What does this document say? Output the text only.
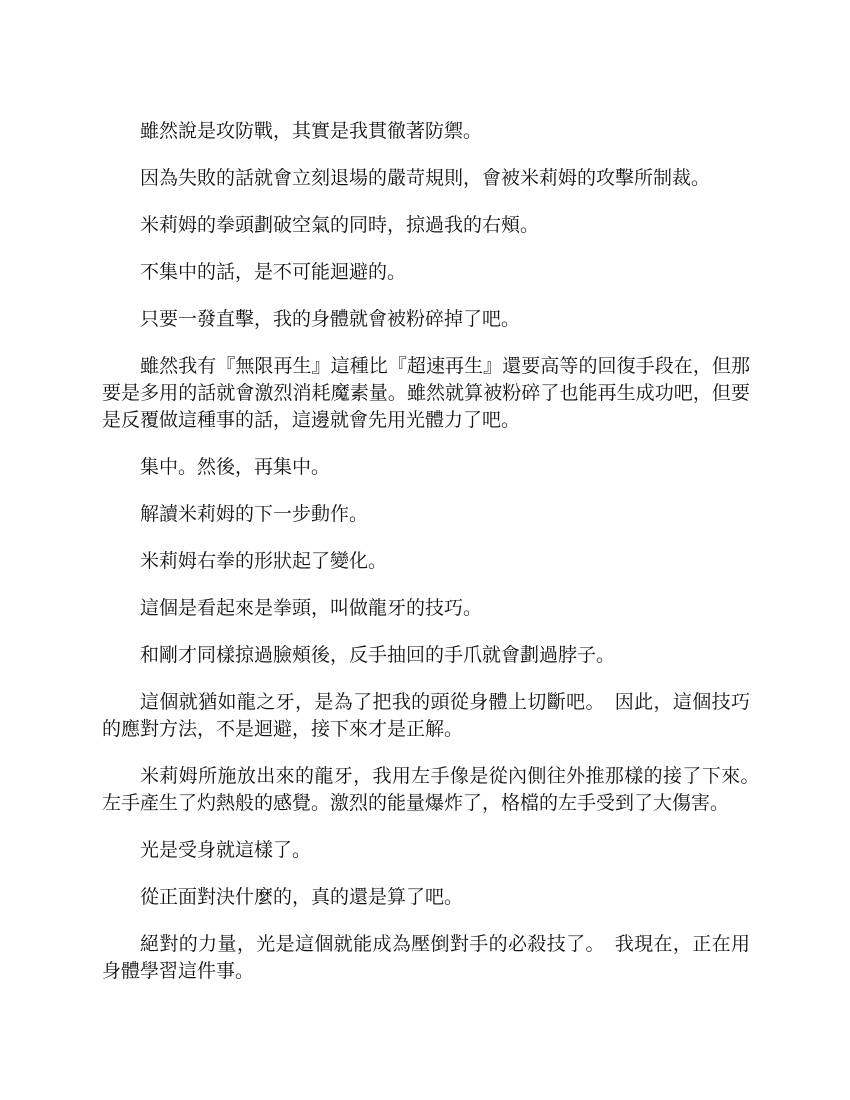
雖然說是攻防戰，其實是我貫徹著防禦。

因為失敗的話就會立刻退場的嚴苛規則，會被米莉姆的攻擊所制裁。

米莉姆的拳頭劃破空氣的同時，掠過我的右頰。

不集中的話，是不可能迴避的。

只要一發直擊，我的身體就會被粉碎掉了吧。

雖然我有『無限再生』這種比『超速再生』還要高等的回復手段在，但那要是多用的話就會激烈消耗魔素量。雖然就算被粉碎了也能再生成功吧，但要是反覆做這種事的話，這邊就會先用光體力了吧。

集中。然後，再集中。

解讀米莉姆的下一步動作。

米莉姆右拳的形狀起了變化。

這個是看起來是拳頭，叫做龍牙的技巧。

和剛才同樣掠過臉頰後，反手抽回的手爪就會劃過脖子。

這個就猶如龍之牙，是為了把我的頭從身體上切斷吧。　因此，這個技巧的應對方法，不是迴避，接下來才是正解。

米莉姆所施放出來的龍牙，我用左手像是從內側往外推那樣的接了下來。　左手產生了灼熱般的感覺。激烈的能量爆炸了，格檔的左手受到了大傷害。

光是受身就這樣了。

從正面對決什麼的，真的還是算了吧。

絕對的力量，光是這個就能成為壓倒對手的必殺技了。　我現在，正在用身體學習這件事。
